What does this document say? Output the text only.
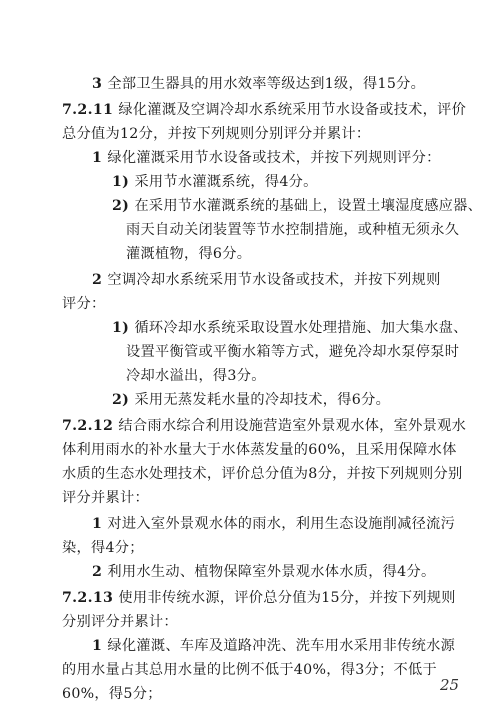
25
3 全部卫生器具的用水效率等级达到1级，得15分。
7.2.11 绿化灌溉及空调冷却水系统采用节水设备或技术，评价
总分值为12分，并按下列规则分别评分并累计：
1 绿化灌溉采用节水设备或技术，并按下列规则评分：
1) 采用节水灌溉系统，得4分。
2) 在采用节水灌溉系统的基础上，设置土壤湿度感应器、
雨天自动关闭装置等节水控制措施，或种植无须永久
灌溉植物，得6分。
2 空调冷却水系统采用节水设备或技术，并按下列规则
评分：
1) 循环冷却水系统采取设置水处理措施、加大集水盘、
设置平衡管或平衡水箱等方式，避免冷却水泵停泵时
冷却水溢出，得3分。
2) 采用无蒸发耗水量的冷却技术，得6分。
7.2.12 结合雨水综合利用设施营造室外景观水体，室外景观水
体利用雨水的补水量大于水体蒸发量的60%，且采用保障水体
水质的生态水处理技术，评价总分值为8分，并按下列规则分别
评分并累计：
1 对进入室外景观水体的雨水，利用生态设施削减径流污
染，得4分；
2 利用水生动、植物保障室外景观水体水质，得4分。
7.2.13 使用非传统水源，评价总分值为15分，并按下列规则
分别评分并累计：
1 绿化灌溉、车库及道路冲洗、洗车用水采用非传统水源
的用水量占其总用水量的比例不低于40%，得3分；不低于
60%，得5分；
